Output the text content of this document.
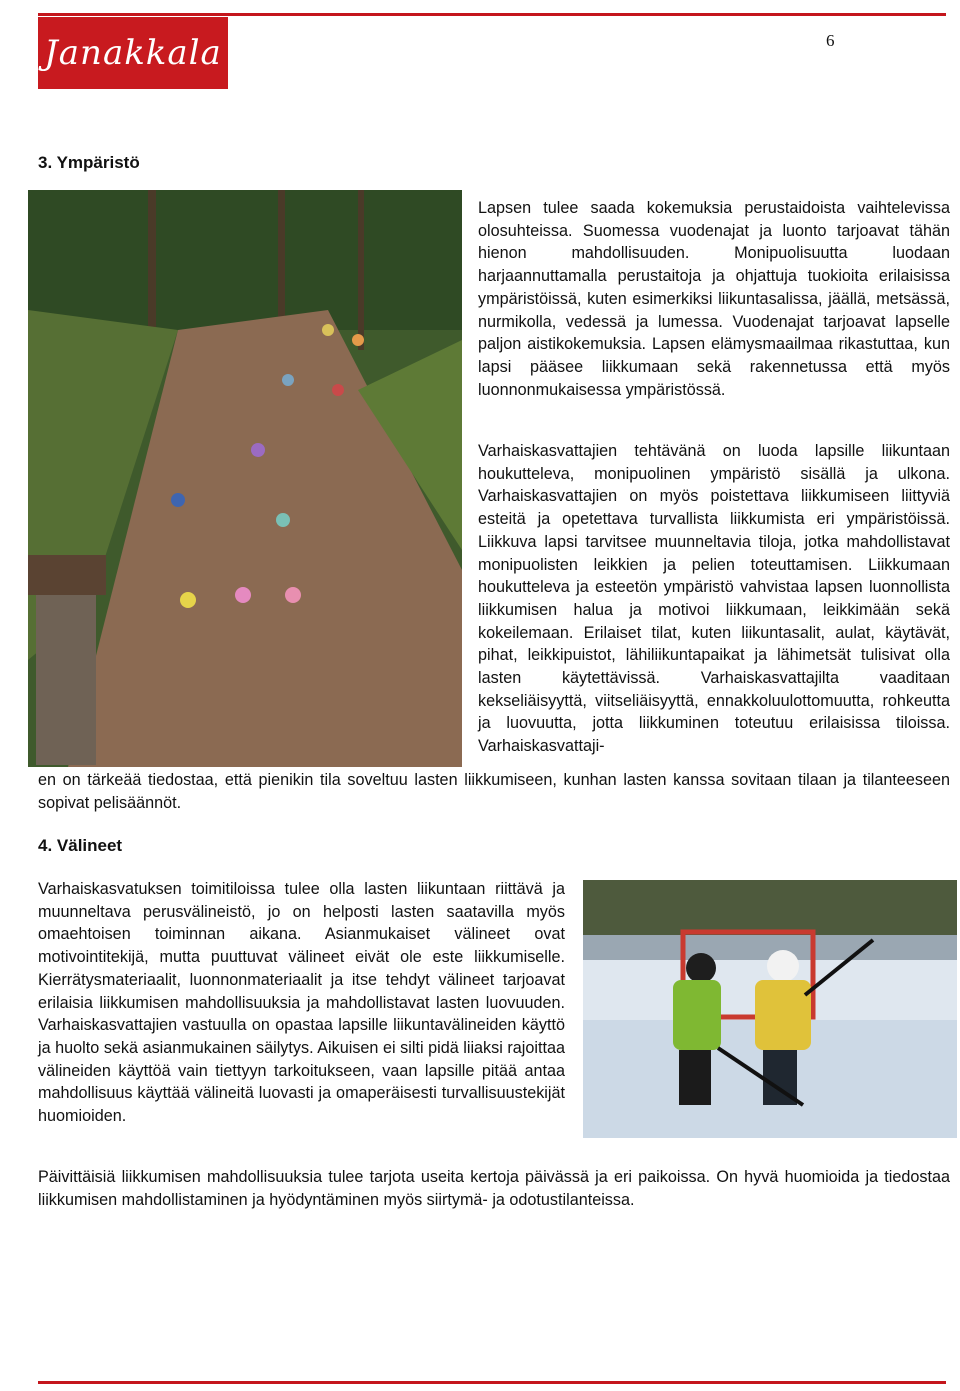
Janakkala	6
3. Ympäristö

Lapsen tulee saada kokemuksia perustaidoista vaihtelevissa olosuhteissa. Suomessa vuodenajat ja luonto tarjoavat tähän hienon mahdollisuuden. Monipuolisuutta luodaan harjaannuttamalla perustaitoja ja ohjattuja tuokioita erilaisissa ympäristöissä, kuten esimerkiksi liikuntasalissa, jäällä, metsässä, nurmikolla, vedessä ja lumessa. Vuodenajat tarjoavat lapselle paljon aistikokemuksia. Lapsen elämysmaailmaa rikastuttaa, kun lapsi pääsee liikkumaan sekä rakennetussa että myös luonnonmukaisessa ympäristössä.

Varhaiskasvattajien tehtävänä on luoda lapsille liikuntaan houkutteleva, monipuolinen ympäristö sisällä ja ulkona. Varhaiskasvattajien on myös poistettava liikkumiseen liittyviä esteitä ja opetettava turvallista liikkumista eri ympäristöissä. Liikkuva lapsi tarvitsee muunneltavia tiloja, jotka mahdollistavat monipuolisten leikkien ja pelien toteuttamisen. Liikkumaan houkutteleva ja esteetön ympäristö vahvistaa lapsen luonnollista liikkumisen halua ja motivoi liikkumaan, leikkimään sekä kokeilemaan. Erilaiset tilat, kuten liikuntasalit, aulat, käytävät, pihat, leikkipuistot, lähiliikuntapaikat ja lähimetsät tulisivat olla lasten käytettävissä. Varhaiskasvattajilta vaaditaan kekseliäisyyttä, viitseliäisyyttä, ennakkoluulottomuutta, rohkeutta ja luovuutta, jotta liikkuminen toteutuu erilaisissa tiloissa. Varhaiskasvattaji-

en on tärkeää tiedostaa, että pienikin tila soveltuu lasten liikkumiseen, kunhan lasten kanssa sovitaan tilaan ja tilanteeseen sopivat pelisäännöt.

4. Välineet

Varhaiskasvatuksen toimitiloissa tulee olla lasten liikuntaan riittävä ja muunneltava perusvälineistö, jo on helposti lasten saatavilla myös omaehtoisen toiminnan aikana. Asianmukaiset välineet ovat motivointitekijä, mutta puuttuvat välineet eivät ole este liikkumiselle. Kierrätysmateriaalit, luonnonmateriaalit ja itse tehdyt välineet tarjoavat erilaisia liikkumisen mahdollisuuksia ja mahdollistavat lasten luovuuden. Varhaiskasvattajien vastuulla on opastaa lapsille liikuntavälineiden käyttö ja huolto sekä asianmukainen säilytys. Aikuisen ei silti pidä liiaksi rajoittaa välineiden käyttöä vain tiettyyn tarkoitukseen, vaan lapsille pitää antaa mahdollisuus käyttää välineitä luovasti ja omaperäisesti turvallisuustekijät huomioiden.

Päivittäisiä liikkumisen mahdollisuuksia tulee tarjota useita kertoja päivässä ja eri paikoissa. On hyvä huomioida ja tiedostaa liikkumisen mahdollistaminen ja hyödyntäminen myös siirtymä- ja odotustilanteissa.
